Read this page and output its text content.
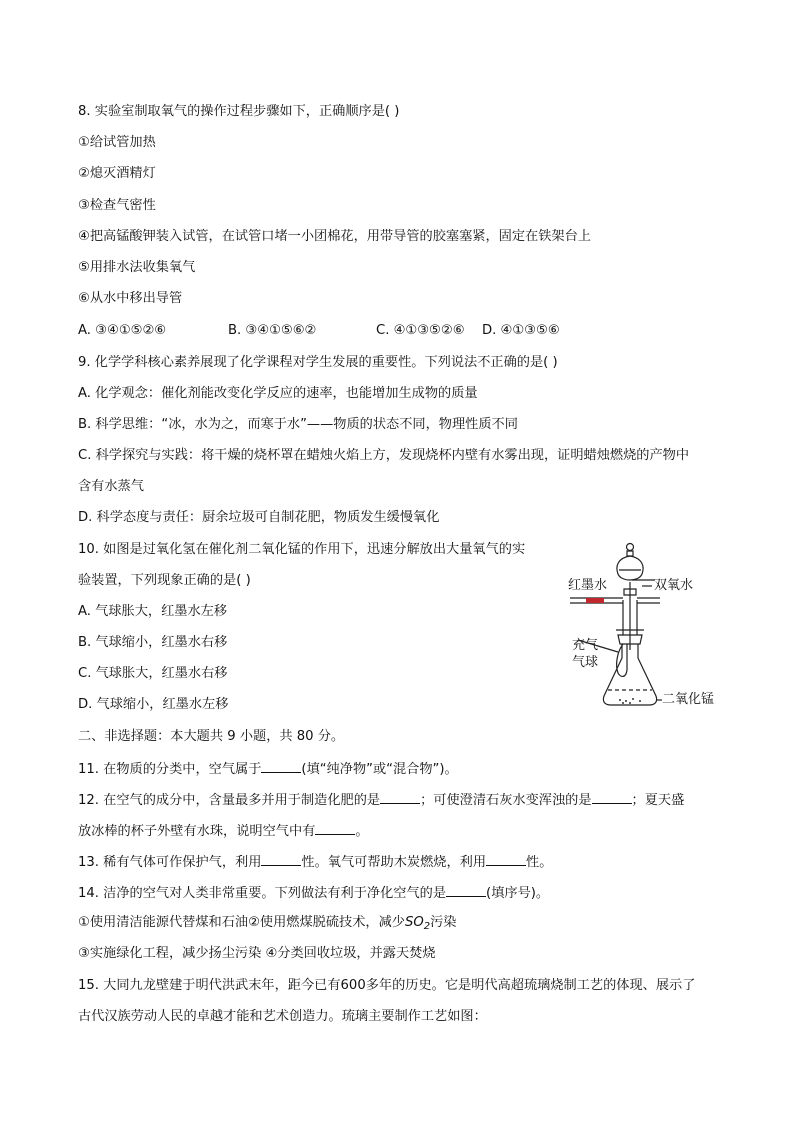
8. 实验室制取氧气的操作过程步骤如下，正确顺序是( )
①给试管加热
②熄灭酒精灯
③检查气密性
④把高锰酸钾装入试管，在试管口堵一小团棉花，用带导管的胶塞塞紧，固定在铁架台上
⑤用排水法收集氧气
⑥从水中移出导管
A. ③④①⑤②⑥	B. ③④①⑤⑥②	C. ④①③⑤②⑥ D. ④①③⑤⑥
9. 化学学科核心素养展现了化学课程对学生发展的重要性。下列说法不正确的是( )
A. 化学观念：催化剂能改变化学反应的速率，也能增加生成物的质量
B. 科学思维：“冰，水为之，而寒于水”——物质的状态不同，物理性质不同
C. 科学探究与实践：将干燥的烧杯罩在蜡烛火焰上方，发现烧杯内壁有水雾出现，证明蜡烛燃烧的产物中
含有水蒸气
D. 科学态度与责任：厨余垃圾可自制花肥，物质发生缓慢氧化
10. 如图是过氧化氢在催化剂二氧化锰的作用下，迅速分解放出大量氧气的实
验装置，下列现象正确的是( )
A. 气球胀大，红墨水左移
B. 气球缩小，红墨水右移
C. 气球胀大，红墨水右移
D. 气球缩小，红墨水左移
红墨水	双氧水
充气
气球
二氧化锰
二、非选择题：本大题共 9 小题，共 80 分。
11. 在物质的分类中，空气属于	(填“纯净物”或“混合物”)。
12. 在空气的成分中，含量最多并用于制造化肥的是	；可使澄清石灰水变浑浊的是	；夏天盛
放冰棒的杯子外壁有水珠，说明空气中有	。
13. 稀有气体可作保护气，利用	性。氧气可帮助木炭燃烧，利用	性。
14. 洁净的空气对人类非常重要。下列做法有利于净化空气的是	(填序号)。
①使用清洁能源代替煤和石油②使用燃煤脱硫技术，减少$SO_2$污染
③实施绿化工程，减少扬尘污染 ④分类回收垃圾，并露天焚烧
15. 大同九龙壁建于明代洪武末年，距今已有600多年的历史。它是明代高超琉璃烧制工艺的体现、展示了
古代汉族劳动人民的卓越才能和艺术创造力。琉璃主要制作工艺如图：
